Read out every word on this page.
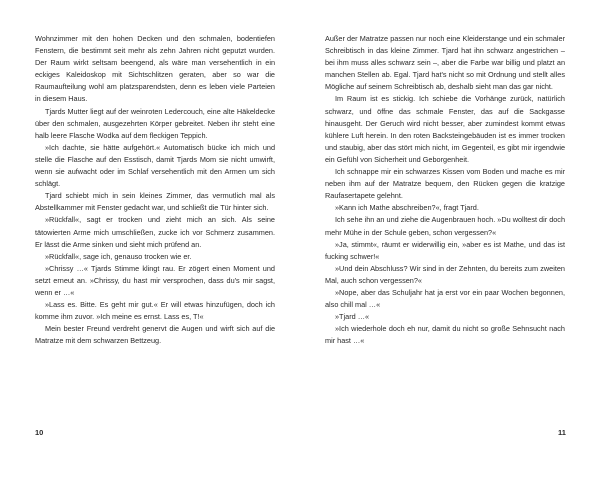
Wohnzimmer mit den hohen Decken und den schmalen, bodentiefen Fenstern, die bestimmt seit mehr als zehn Jahren nicht geputzt wurden. Der Raum wirkt seltsam beengend, als wäre man versehentlich in ein eckiges Kaleidoskop mit Sichtschlitzen geraten, aber so war die Raumaufteilung wohl am platzsparendsten, denn es leben viele Parteien in diesem Haus.

Tjards Mutter liegt auf der weinroten Ledercouch, eine alte Häkeldecke über den schmalen, ausgezehrten Körper gebreitet. Neben ihr steht eine halb leere Flasche Wodka auf dem fleckigen Teppich.

»Ich dachte, sie hätte aufgehört.« Automatisch bücke ich mich und stelle die Flasche auf den Esstisch, damit Tjards Mom sie nicht umwirft, wenn sie aufwacht oder im Schlaf versehentlich mit den Armen um sich schlägt.

Tjard schiebt mich in sein kleines Zimmer, das vermutlich mal als Abstellkammer mit Fenster gedacht war, und schließt die Tür hinter sich.

»Rückfall«, sagt er trocken und zieht mich an sich. Als seine tätowierten Arme mich umschließen, zucke ich vor Schmerz zusammen. Er lässt die Arme sinken und sieht mich prüfend an.

»Rückfall«, sage ich, genauso trocken wie er.

»Chrissy …« Tjards Stimme klingt rau. Er zögert einen Moment und setzt erneut an. »Chrissy, du hast mir versprochen, dass du's mir sagst, wenn er …«

»Lass es. Bitte. Es geht mir gut.« Er will etwas hinzufügen, doch ich komme ihm zuvor. »Ich meine es ernst. Lass es, T!«

Mein bester Freund verdreht genervt die Augen und wirft sich auf die Matratze mit dem schwarzen Bettzeug.

10

Außer der Matratze passen nur noch eine Kleiderstange und ein schmaler Schreibtisch in das kleine Zimmer. Tjard hat ihn schwarz angestrichen – bei ihm muss alles schwarz sein –, aber die Farbe war billig und platzt an manchen Stellen ab. Egal. Tjard hat's nicht so mit Ordnung und stellt alles Mögliche auf seinem Schreibtisch ab, deshalb sieht man das gar nicht.

Im Raum ist es stickig. Ich schiebe die Vorhänge zurück, natürlich schwarz, und öffne das schmale Fenster, das auf die Sackgasse hinausgeht. Der Geruch wird nicht besser, aber zumindest kommt etwas kühlere Luft herein. In den roten Backsteingebäuden ist es immer trocken und staubig, aber das stört mich nicht, im Gegenteil, es gibt mir irgendwie ein Gefühl von Sicherheit und Geborgenheit.

Ich schnappe mir ein schwarzes Kissen vom Boden und mache es mir neben ihm auf der Matratze bequem, den Rücken gegen die kratzige Raufasertapete gelehnt.

»Kann ich Mathe abschreiben?«, fragt Tjard.

Ich sehe ihn an und ziehe die Augenbrauen hoch. »Du wolltest dir doch mehr Mühe in der Schule geben, schon vergessen?«

»Ja, stimmt«, räumt er widerwillig ein, »aber es ist Mathe, und das ist fucking schwer!«

»Und dein Abschluss? Wir sind in der Zehnten, du bereits zum zweiten Mal, auch schon vergessen?«

»Nope, aber das Schuljahr hat ja erst vor ein paar Wochen begonnen, also chill mal …«

»Tjard …«

»Ich wiederhole doch eh nur, damit du nicht so große Sehnsucht nach mir hast …«

11
